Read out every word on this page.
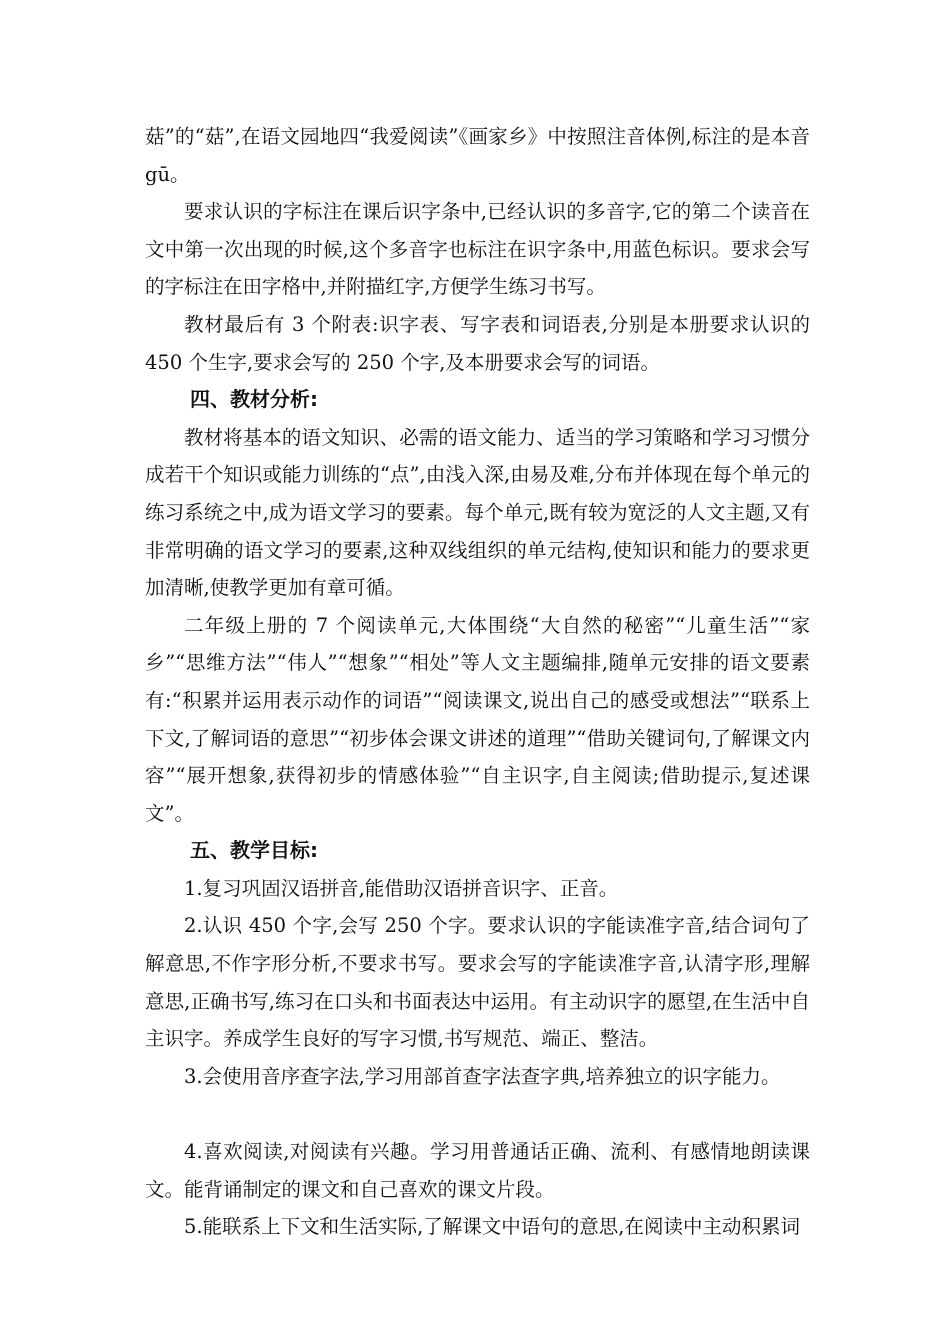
菇”的“菇”,在语文园地四“我爱阅读”《画家乡》中按照注音体例,标注的是本音 gū。

要求认识的字标注在课后识字条中,已经认识的多音字,它的第二个读音在文中第一次出现的时候,这个多音字也标注在识字条中,用蓝色标识。要求会写的字标注在田字格中,并附描红字,方便学生练习书写。

教材最后有 3 个附表:识字表、写字表和词语表,分别是本册要求认识的 450 个生字,要求会写的 250 个字,及本册要求会写的词语。

四、教材分析:

教材将基本的语文知识、必需的语文能力、适当的学习策略和学习习惯分成若干个知识或能力训练的“点”,由浅入深,由易及难,分布并体现在每个单元的练习系统之中,成为语文学习的要素。每个单元,既有较为宽泛的人文主题,又有非常明确的语文学习的要素,这种双线组织的单元结构,使知识和能力的要求更加清晰,使教学更加有章可循。

二年级上册的 7 个阅读单元,大体围绕“大自然的秘密”“儿童生活”“家乡”“思维方法”“伟人”“想象”“相处”等人文主题编排,随单元安排的语文要素有:“积累并运用表示动作的词语”“阅读课文,说出自己的感受或想法”“联系上下文,了解词语的意思”“初步体会课文讲述的道理”“借助关键词句,了解课文内容”“展开想象,获得初步的情感体验”“自主识字,自主阅读;借助提示,复述课文”。

五、教学目标:

1.复习巩固汉语拼音,能借助汉语拼音识字、正音。

2.认识 450 个字,会写 250 个字。要求认识的字能读准字音,结合词句了解意思,不作字形分析,不要求书写。要求会写的字能读准字音,认清字形,理解意思,正确书写,练习在口头和书面表达中运用。有主动识字的愿望,在生活中自主识字。养成学生良好的写字习惯,书写规范、端正、整洁。

3.会使用音序查字法,学习用部首查字法查字典,培养独立的识字能力。

4.喜欢阅读,对阅读有兴趣。学习用普通话正确、流利、有感情地朗读课文。能背诵制定的课文和自己喜欢的课文片段。

5.能联系上下文和生活实际,了解课文中语句的意思,在阅读中主动积累词
